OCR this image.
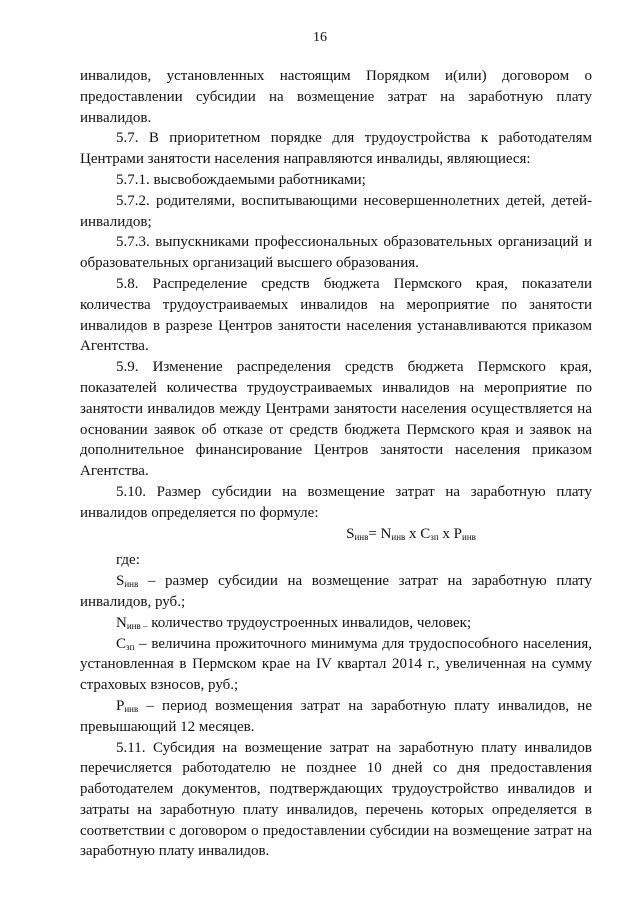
16

инвалидов, установленных настоящим Порядком и(или) договором о предоставлении субсидии на возмещение затрат на заработную плату инвалидов.

5.7. В приоритетном порядке для трудоустройства к работодателям Центрами занятости населения направляются инвалиды, являющиеся:

5.7.1. высвобождаемыми работниками;

5.7.2. родителями, воспитывающими несовершеннолетних детей, детей-инвалидов;

5.7.3. выпускниками профессиональных образовательных организаций и образовательных организаций высшего образования.

5.8. Распределение средств бюджета Пермского края, показатели количества трудоустраиваемых инвалидов на мероприятие по занятости инвалидов в разрезе Центров занятости населения устанавливаются приказом Агентства.

5.9. Изменение распределения средств бюджета Пермского края, показателей количества трудоустраиваемых инвалидов на мероприятие по занятости инвалидов между Центрами занятости населения осуществляется на основании заявок об отказе от средств бюджета Пермского края и заявок на дополнительное финансирование Центров занятости населения приказом Агентства.

5.10. Размер субсидии на возмещение затрат на заработную плату инвалидов определяется по формуле:

$S_{инв}= N_{инв}$ x $C_{зп}$ x $P_{инв}$

где:

$S_{инв}$ – размер субсидии на возмещение затрат на заработную плату инвалидов, руб.;

$N_{инв -}$ количество трудоустроенных инвалидов, человек;

$C_{зп}$ – величина прожиточного минимума для трудоспособного населения, установленная в Пермском крае на IV квартал 2014 г., увеличенная на сумму страховых взносов, руб.;

$P_{инв}$ – период возмещения затрат на заработную плату инвалидов, не превышающий 12 месяцев.

5.11. Субсидия на возмещение затрат на заработную плату инвалидов перечисляется работодателю не позднее 10 дней со дня предоставления работодателем документов, подтверждающих трудоустройство инвалидов и затраты на заработную плату инвалидов, перечень которых определяется в соответствии с договором о предоставлении субсидии на возмещение затрат на заработную плату инвалидов.
